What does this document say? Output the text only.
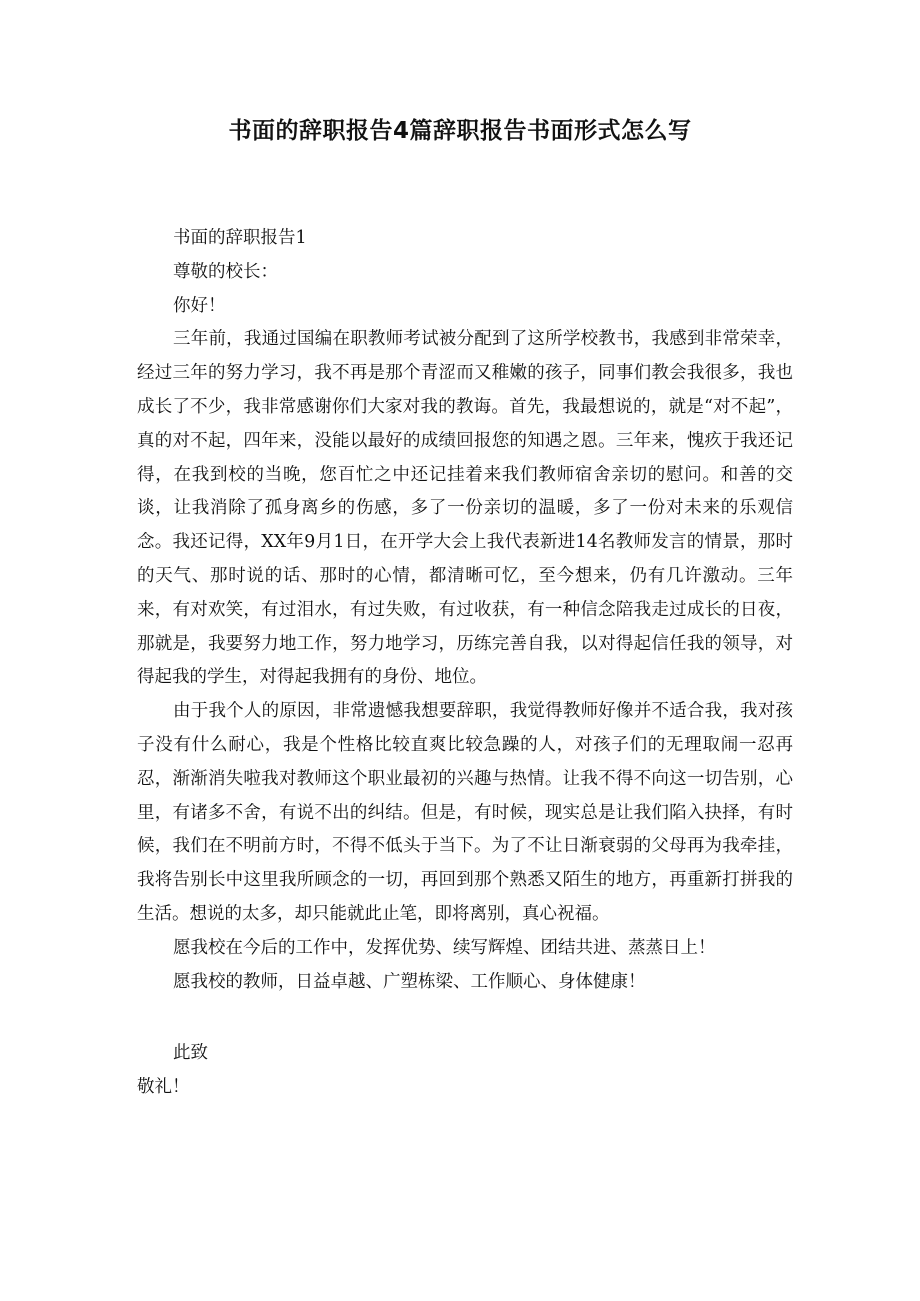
书面的辞职报告4篇辞职报告书面形式怎么写

书面的辞职报告1

尊敬的校长：

你好！

三年前，我通过国编在职教师考试被分配到了这所学校教书，我感到非常荣幸，经过三年的努力学习，我不再是那个青涩而又稚嫩的孩子，同事们教会我很多，我也成长了不少，我非常感谢你们大家对我的教诲。首先，我最想说的，就是“对不起”，真的对不起，四年来，没能以最好的成绩回报您的知遇之恩。三年来，愧疚于我还记得，在我到校的当晚，您百忙之中还记挂着来我们教师宿舍亲切的慰问。和善的交谈，让我消除了孤身离乡的伤感，多了一份亲切的温暖，多了一份对未来的乐观信念。我还记得，XX年9月1日，在开学大会上我代表新进14名教师发言的情景，那时的天气、那时说的话、那时的心情，都清晰可忆，至今想来，仍有几许激动。三年来，有对欢笑，有过泪水，有过失败，有过收获，有一种信念陪我走过成长的日夜，那就是，我要努力地工作，努力地学习，历练完善自我，以对得起信任我的领导，对得起我的学生，对得起我拥有的身份、地位。

由于我个人的原因，非常遗憾我想要辞职，我觉得教师好像并不适合我，我对孩子没有什么耐心，我是个性格比较直爽比较急躁的人，对孩子们的无理取闹一忍再忍，渐渐消失啦我对教师这个职业最初的兴趣与热情。让我不得不向这一切告别，心里，有诸多不舍，有说不出的纠结。但是，有时候，现实总是让我们陷入抉择，有时候，我们在不明前方时，不得不低头于当下。为了不让日渐衰弱的父母再为我牵挂，我将告别长中这里我所顾念的一切，再回到那个熟悉又陌生的地方，再重新打拼我的生活。想说的太多，却只能就此止笔，即将离别，真心祝福。

愿我校在今后的工作中，发挥优势、续写辉煌、团结共进、蒸蒸日上！

愿我校的教师，日益卓越、广塑栋梁、工作顺心、身体健康！

此致

敬礼！
